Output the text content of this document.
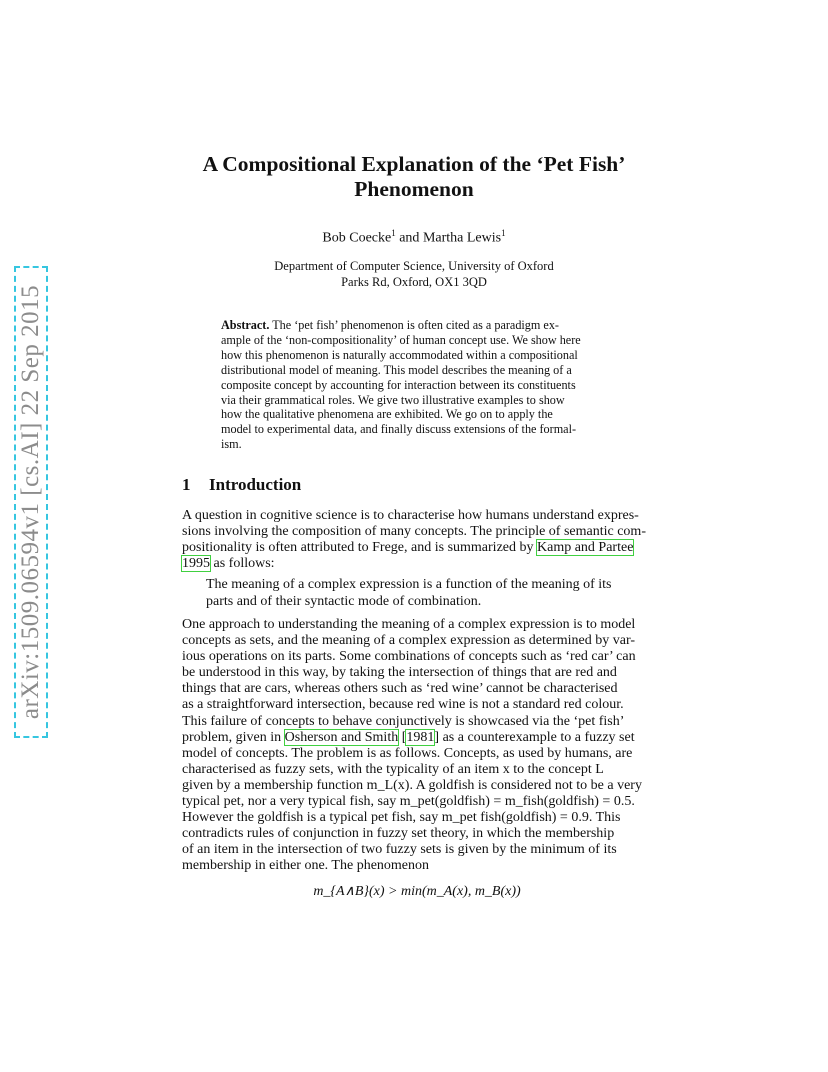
arXiv:1509.06594v1 [cs.AI] 22 Sep 2015
A Compositional Explanation of the ‘Pet Fish’
Phenomenon
Bob Coecke$^1$ and Martha Lewis$^1$
Department of Computer Science, University of Oxford
Parks Rd, Oxford, OX1 3QD
Abstract. The ‘pet fish’ phenomenon is often cited as a paradigm ex-
ample of the ‘non-compositionality’ of human concept use. We show here
how this phenomenon is naturally accommodated within a compositional
distributional model of meaning. This model describes the meaning of a
composite concept by accounting for interaction between its constituents
via their grammatical roles. We give two illustrative examples to show
how the qualitative phenomena are exhibited. We go on to apply the
model to experimental data, and finally discuss extensions of the formal-
ism.
1 Introduction
A question in cognitive science is to characterise how humans understand expres-
sions involving the composition of many concepts. The principle of semantic com-
positionality is often attributed to Frege, and is summarized by Kamp and Partee
1995 as follows:
The meaning of a complex expression is a function of the meaning of its
parts and of their syntactic mode of combination.
One approach to understanding the meaning of a complex expression is to model
concepts as sets, and the meaning of a complex expression as determined by var-
ious operations on its parts. Some combinations of concepts such as ‘red car’ can
be understood in this way, by taking the intersection of things that are red and
things that are cars, whereas others such as ‘red wine’ cannot be characterised
as a straightforward intersection, because red wine is not a standard red colour.
This failure of concepts to behave conjunctively is showcased via the ‘pet fish’
problem, given in Osherson and Smith [1981] as a counterexample to a fuzzy set
model of concepts. The problem is as follows. Concepts, as used by humans, are
characterised as fuzzy sets, with the typicality of an item x to the concept L
given by a membership function m_L(x). A goldfish is considered not to be a very
typical pet, nor a very typical fish, say m_pet(goldfish) = m_fish(goldfish) = 0.5.
However the goldfish is a typical pet fish, say m_pet fish(goldfish) = 0.9. This
contradicts rules of conjunction in fuzzy set theory, in which the membership
of an item in the intersection of two fuzzy sets is given by the minimum of its
membership in either one. The phenomenon
m_{A∧B}(x) > min(m_A(x), m_B(x))
